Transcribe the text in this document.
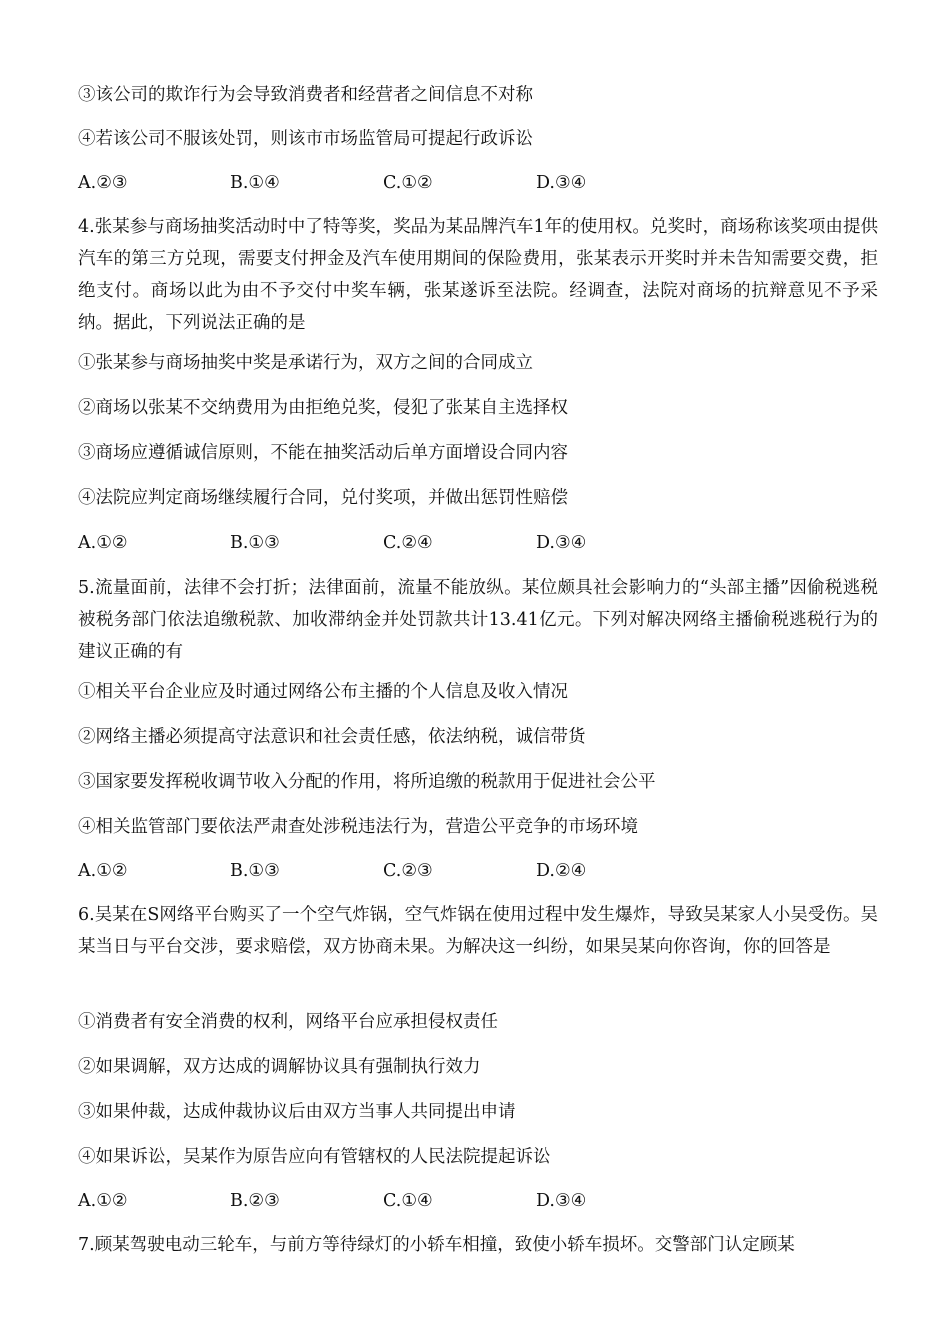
③该公司的欺诈行为会导致消费者和经营者之间信息不对称
④若该公司不服该处罚，则该市市场监管局可提起行政诉讼
A.②③	B.①④	C.①②	D.③④
4.张某参与商场抽奖活动时中了特等奖，奖品为某品牌汽车1年的使用权。兑奖时，商场称该奖项由提供汽车的第三方兑现，需要支付押金及汽车使用期间的保险费用，张某表示开奖时并未告知需要交费，拒绝支付。商场以此为由不予交付中奖车辆，张某遂诉至法院。经调查，法院对商场的抗辩意见不予采纳。据此，下列说法正确的是
①张某参与商场抽奖中奖是承诺行为，双方之间的合同成立
②商场以张某不交纳费用为由拒绝兑奖，侵犯了张某自主选择权
③商场应遵循诚信原则，不能在抽奖活动后单方面增设合同内容
④法院应判定商场继续履行合同，兑付奖项，并做出惩罚性赔偿
A.①②	B.①③	C.②④	D.③④
5.流量面前，法律不会打折；法律面前，流量不能放纵。某位颇具社会影响力的“头部主播”因偷税逃税被税务部门依法追缴税款、加收滞纳金并处罚款共计13.41亿元。下列对解决网络主播偷税逃税行为的建议正确的有
①相关平台企业应及时通过网络公布主播的个人信息及收入情况
②网络主播必须提高守法意识和社会责任感，依法纳税，诚信带货
③国家要发挥税收调节收入分配的作用，将所追缴的税款用于促进社会公平
④相关监管部门要依法严肃查处涉税违法行为，营造公平竞争的市场环境
A.①②	B.①③	C.②③	D.②④
6.吴某在S网络平台购买了一个空气炸锅，空气炸锅在使用过程中发生爆炸，导致吴某家人小吴受伤。吴某当日与平台交涉，要求赔偿，双方协商未果。为解决这一纠纷，如果吴某向你咨询，你的回答是
①消费者有安全消费的权利，网络平台应承担侵权责任
②如果调解，双方达成的调解协议具有强制执行效力
③如果仲裁，达成仲裁协议后由双方当事人共同提出申请
④如果诉讼，吴某作为原告应向有管辖权的人民法院提起诉讼
A.①②	B.②③	C.①④	D.③④
7.顾某驾驶电动三轮车，与前方等待绿灯的小轿车相撞，致使小轿车损坏。交警部门认定顾某
